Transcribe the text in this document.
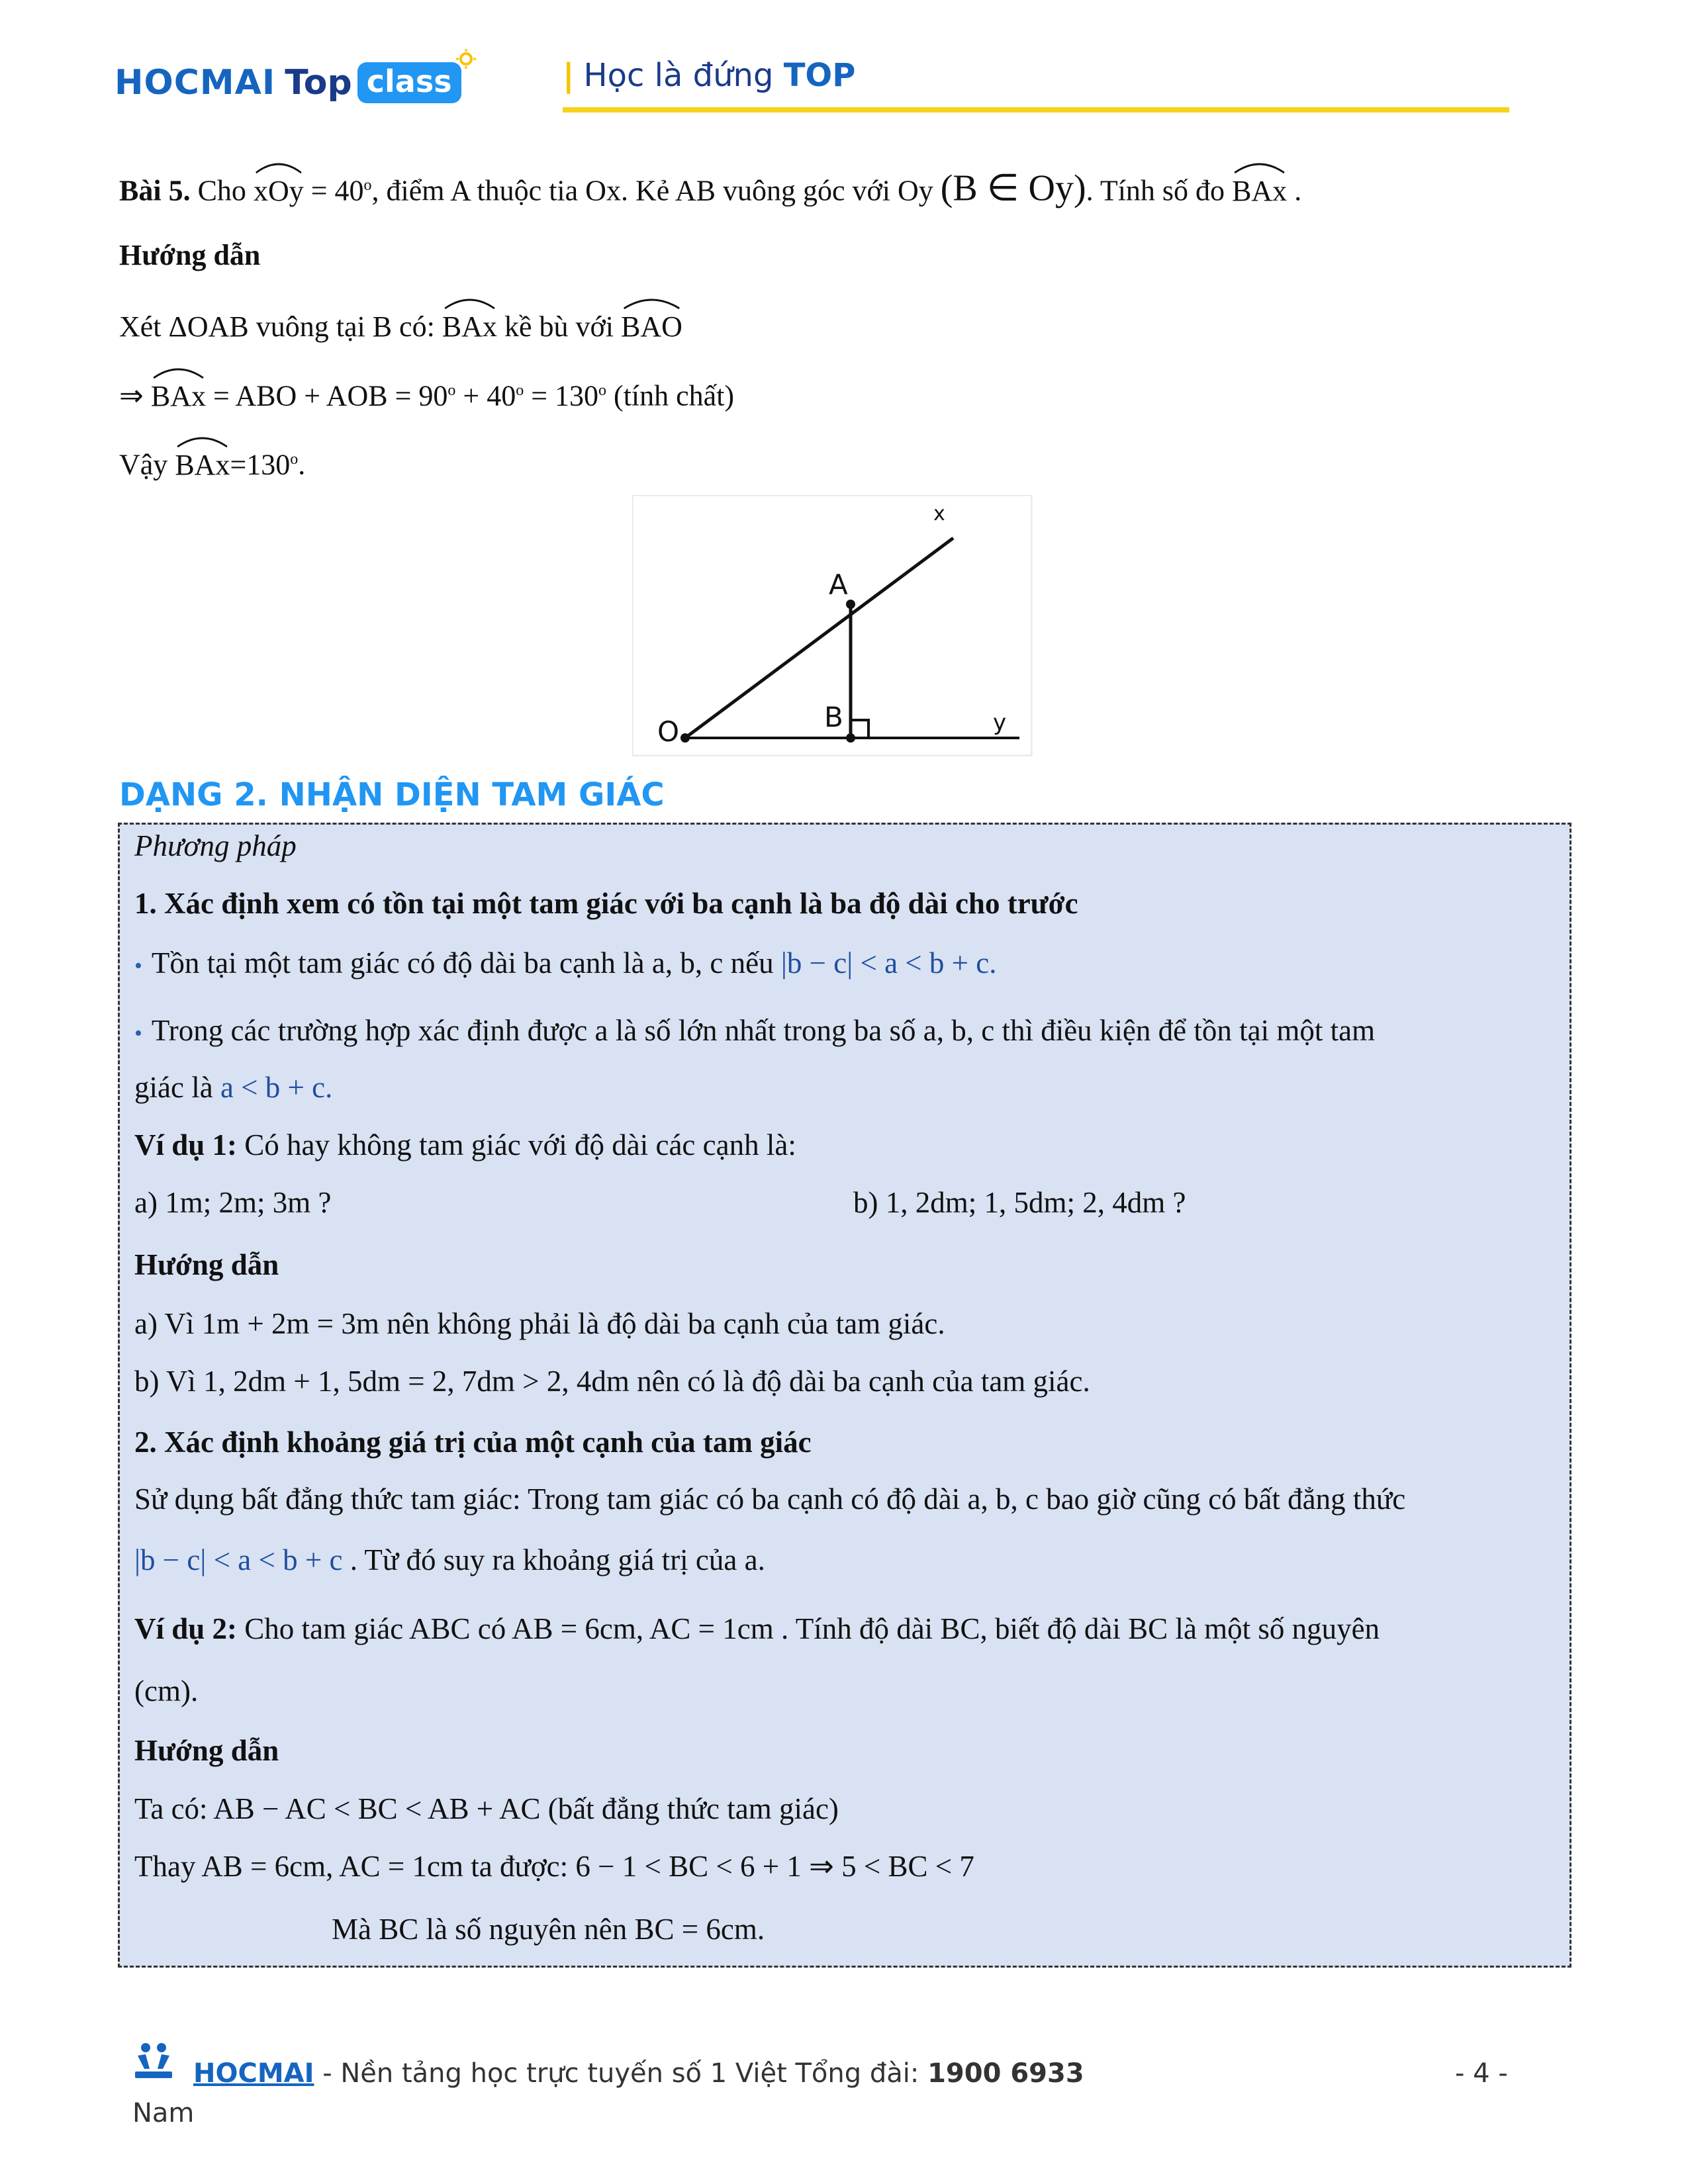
HOCMAI Top class	| Học là đứng TOP
Bài 5. Cho
xOy = $40^o$, điểm A thuộc tia Ox. Kẻ AB vuông góc với Oy (B ∈ Oy). Tính số đo
BAx .
Hướng dẫn
Xét ΔOAB vuông tại B có:
BAx kề bù với
BAO
⇒
BAx = ABO + AOB = $90^o + 40^o = 130^o$ (tính chất)
Vậy
$BAx=130^o$.
x
A
O	B	y
DẠNG 2. NHẬN DIỆN TAM GIÁC
Phương pháp
1. Xác định xem có tồn tại một tam giác với ba cạnh là ba độ dài cho trước
• Tồn tại một tam giác có độ dài ba cạnh là a, b, c nếu |b − c| < a < b + c.
• Trong các trường hợp xác định được a là số lớn nhất trong ba số a, b, c thì điều kiện để tồn tại một tam
giác là a < b + c.
Ví dụ 1: Có hay không tam giác với độ dài các cạnh là:
a) 1m; 2m; 3m ?	b) 1, 2dm; 1, 5dm; 2, 4dm ?
Hướng dẫn
a) Vì 1m + 2m = 3m nên không phải là độ dài ba cạnh của tam giác.
b) Vì 1, 2dm + 1, 5dm = 2, 7dm > 2, 4dm nên có là độ dài ba cạnh của tam giác.
2. Xác định khoảng giá trị của một cạnh của tam giác
Sử dụng bất đẳng thức tam giác: Trong tam giác có ba cạnh có độ dài a, b, c bao giờ cũng có bất đẳng thức
|b − c| < a < b + c . Từ đó suy ra khoảng giá trị của a.
Ví dụ 2: Cho tam giác ABC có AB = 6cm, AC = 1cm . Tính độ dài BC, biết độ dài BC là một số nguyên
(cm).
Hướng dẫn
Ta có: AB − AC < BC < AB + AC (bất đẳng thức tam giác)
Thay AB = 6cm, AC = 1cm ta được: 6 − 1 < BC < 6 + 1 ⇒ 5 < BC < 7
Mà BC là số nguyên nên BC = 6cm.
HOCMAI - Nền tảng học trực tuyến số 1 Việt Tổng đài: 1900 6933	- 4 -
Nam
